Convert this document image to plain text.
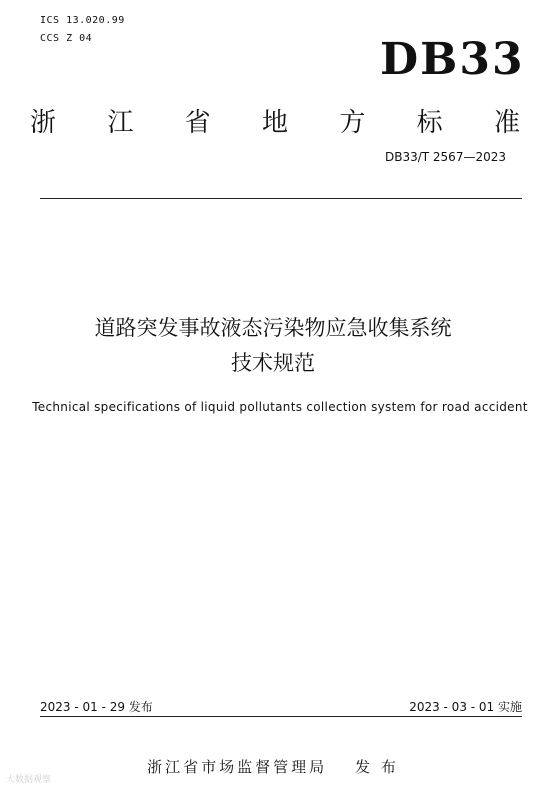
ICS 13.020.99
CCS Z 04	DB33
浙 江 省 地 方 标 准
DB33/T 2567—2023
道路突发事故液态污染物应急收集系统
技术规范
Technical specifications of liquid pollutants collection system for road accident
2023 - 01 - 29 发布	2023 - 03 - 01 实施
浙江省市场监督管理局 发 布
大数据观察
